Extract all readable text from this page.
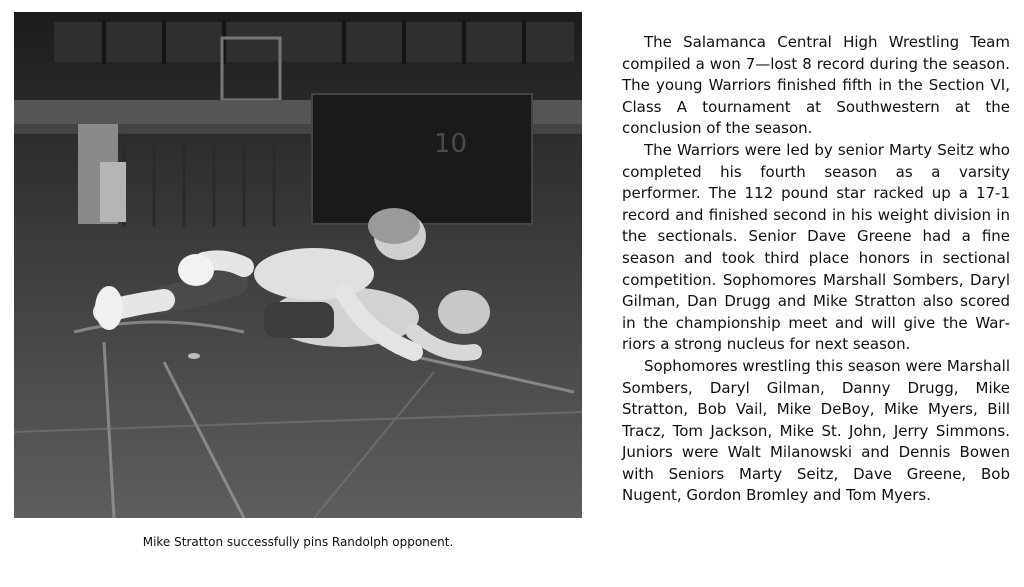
10
Mike Stratton successfully pins Randolph opponent.

The Salamanca Central High Wrestling Team compiled a won 7—lost 8 record during the season. The young Warriors finished fifth in the Section VI, Class A tournament at Southwestern at the conclusion of the season.

The Warriors were led by senior Marty Seitz who completed his fourth season as a varsity performer. The 112 pound star racked up a 17-1 record and finished second in his weight division in the sectionals. Senior Dave Greene had a fine season and took third place honors in sectional competition. Sophomores Marshall Sombers, Daryl Gilman, Dan Drugg and Mike Stratton also scored in the championship meet and will give the Warriors a strong nucleus for next season.

Sophomores wrestling this season were Marshall Sombers, Daryl Gilman, Danny Drugg, Mike Stratton, Bob Vail, Mike DeBoy, Mike Myers, Bill Tracz, Tom Jackson, Mike St. John, Jerry Simmons. Juniors were Walt Milanowski and Dennis Bowen with Seniors Marty Seitz, Dave Greene, Bob Nugent, Gordon Bromley and Tom Myers.
